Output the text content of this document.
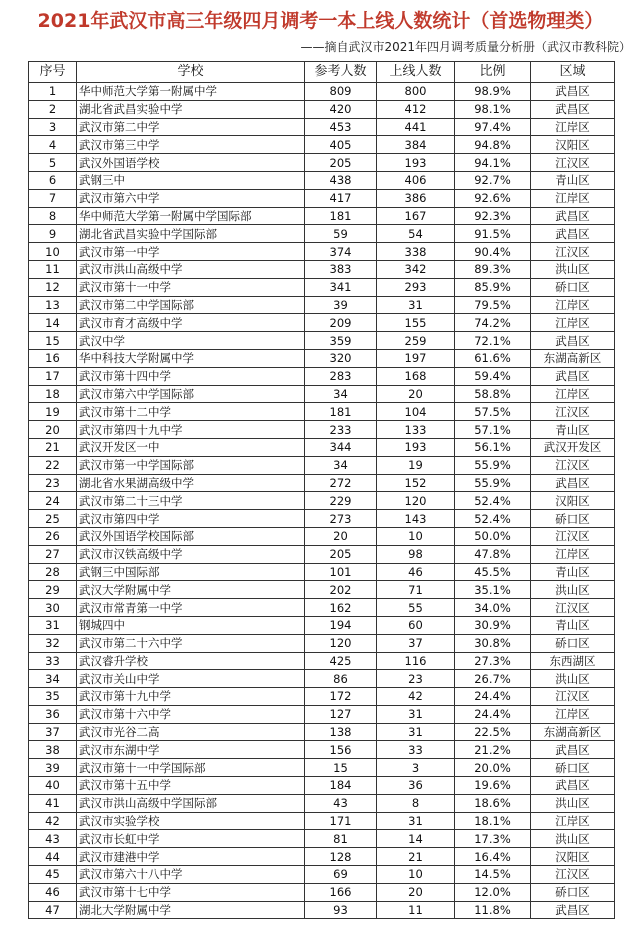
2021年武汉市高三年级四月调考一本上线人数统计（首选物理类）
——摘自武汉市2021年四月调考质量分析册（武汉市教科院）
序号	学校	参考人数	上线人数	比例	区域
1	华中师范大学第一附属中学	809	800	98.9%	武昌区
2	湖北省武昌实验中学	420	412	98.1%	武昌区
3	武汉市第二中学	453	441	97.4%	江岸区
4	武汉市第三中学	405	384	94.8%	汉阳区
5	武汉外国语学校	205	193	94.1%	江汉区
6	武钢三中	438	406	92.7%	青山区
7	武汉市第六中学	417	386	92.6%	江岸区
8	华中师范大学第一附属中学国际部	181	167	92.3%	武昌区
9	湖北省武昌实验中学国际部	59	54	91.5%	武昌区
10	武汉市第一中学	374	338	90.4%	江汉区
11	武汉市洪山高级中学	383	342	89.3%	洪山区
12	武汉市第十一中学	341	293	85.9%	硚口区
13	武汉市第二中学国际部	39	31	79.5%	江岸区
14	武汉市育才高级中学	209	155	74.2%	江岸区
15	武汉中学	359	259	72.1%	武昌区
16	华中科技大学附属中学	320	197	61.6%	东湖高新区
17	武汉市第十四中学	283	168	59.4%	武昌区
18	武汉市第六中学国际部	34	20	58.8%	江岸区
19	武汉市第十二中学	181	104	57.5%	江汉区
20	武汉市第四十九中学	233	133	57.1%	青山区
21	武汉开发区一中	344	193	56.1%	武汉开发区
22	武汉市第一中学国际部	34	19	55.9%	江汉区
23	湖北省水果湖高级中学	272	152	55.9%	武昌区
24	武汉市第二十三中学	229	120	52.4%	汉阳区
25	武汉市第四中学	273	143	52.4%	硚口区
26	武汉外国语学校国际部	20	10	50.0%	江汉区
27	武汉市汉铁高级中学	205	98	47.8%	江岸区
28	武钢三中国际部	101	46	45.5%	青山区
29	武汉大学附属中学	202	71	35.1%	洪山区
30	武汉市常青第一中学	162	55	34.0%	江汉区
31	钢城四中	194	60	30.9%	青山区
32	武汉市第二十六中学	120	37	30.8%	硚口区
33	武汉睿升学校	425	116	27.3%	东西湖区
34	武汉市关山中学	86	23	26.7%	洪山区
35	武汉市第十九中学	172	42	24.4%	江汉区
36	武汉市第十六中学	127	31	24.4%	江岸区
37	武汉市光谷二高	138	31	22.5%	东湖高新区
38	武汉市东湖中学	156	33	21.2%	武昌区
39	武汉市第十一中学国际部	15	3	20.0%	硚口区
40	武汉市第十五中学	184	36	19.6%	武昌区
41	武汉市洪山高级中学国际部	43	8	18.6%	洪山区
42	武汉市实验学校	171	31	18.1%	江岸区
43	武汉市长虹中学	81	14	17.3%	洪山区
44	武汉市建港中学	128	21	16.4%	汉阳区
45	武汉市第六十八中学	69	10	14.5%	江汉区
46	武汉市第十七中学	166	20	12.0%	硚口区
47	湖北大学附属中学	93	11	11.8%	武昌区
